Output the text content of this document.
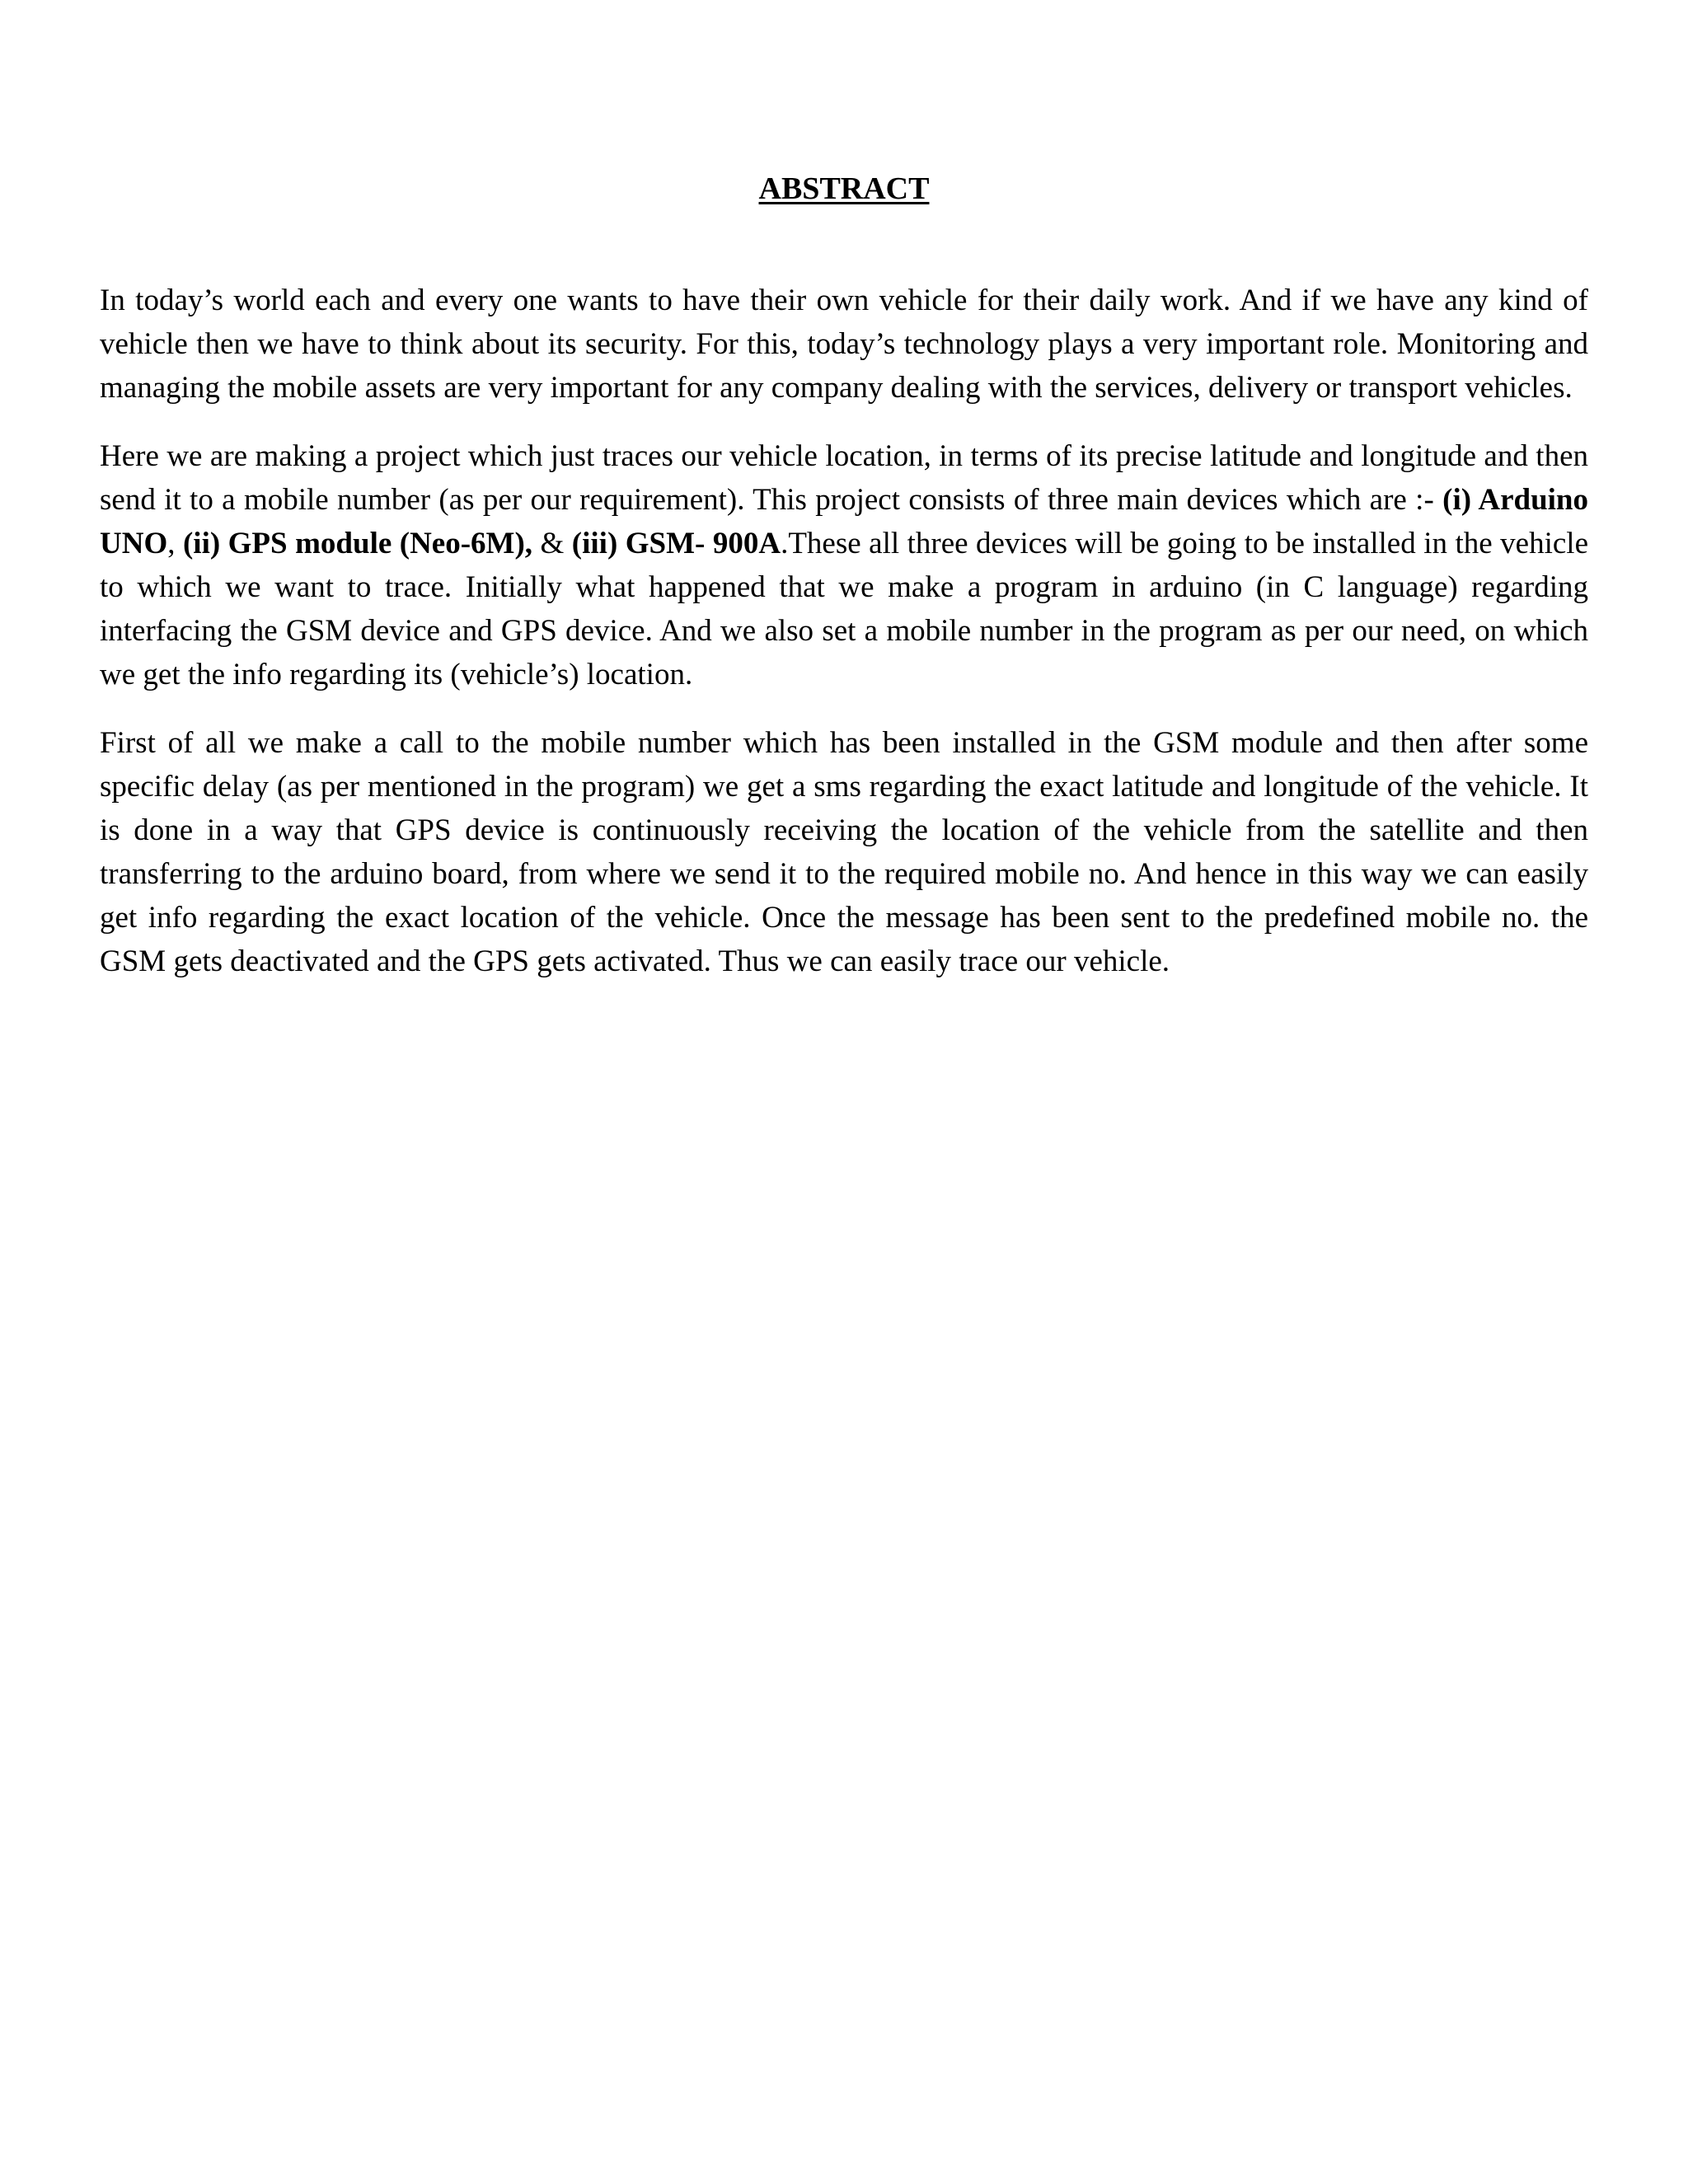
ABSTRACT

In today’s world each and every one wants to have their own vehicle for their daily work. And if we have any kind of vehicle then we have to think about its security. For this, today’s technology plays a very important role. Monitoring and managing the mobile assets are very important for any company dealing with the services, delivery or transport vehicles.

Here we are making a project which just traces our vehicle location, in terms of its precise latitude and longitude and then send it to a mobile number (as per our requirement). This project consists of three main devices which are :- (i) Arduino UNO, (ii) GPS module (Neo-6M), & (iii) GSM- 900A.These all three devices will be going to be installed in the vehicle to which we want to trace. Initially what happened that we make a program in arduino (in C language) regarding interfacing the GSM device and GPS device. And we also set a mobile number in the program as per our need, on which we get the info regarding its (vehicle’s) location.

First of all we make a call to the mobile number which has been installed in the GSM module and then after some specific delay (as per mentioned in the program) we get a sms regarding the exact latitude and longitude of the vehicle. It is done in a way that GPS device is continuously receiving the location of the vehicle from the satellite and then transferring to the arduino board, from where we send it to the required mobile no. And hence in this way we can easily get info regarding the exact location of the vehicle. Once the message has been sent to the predefined mobile no. the GSM gets deactivated and the GPS gets activated. Thus we can easily trace our vehicle.
